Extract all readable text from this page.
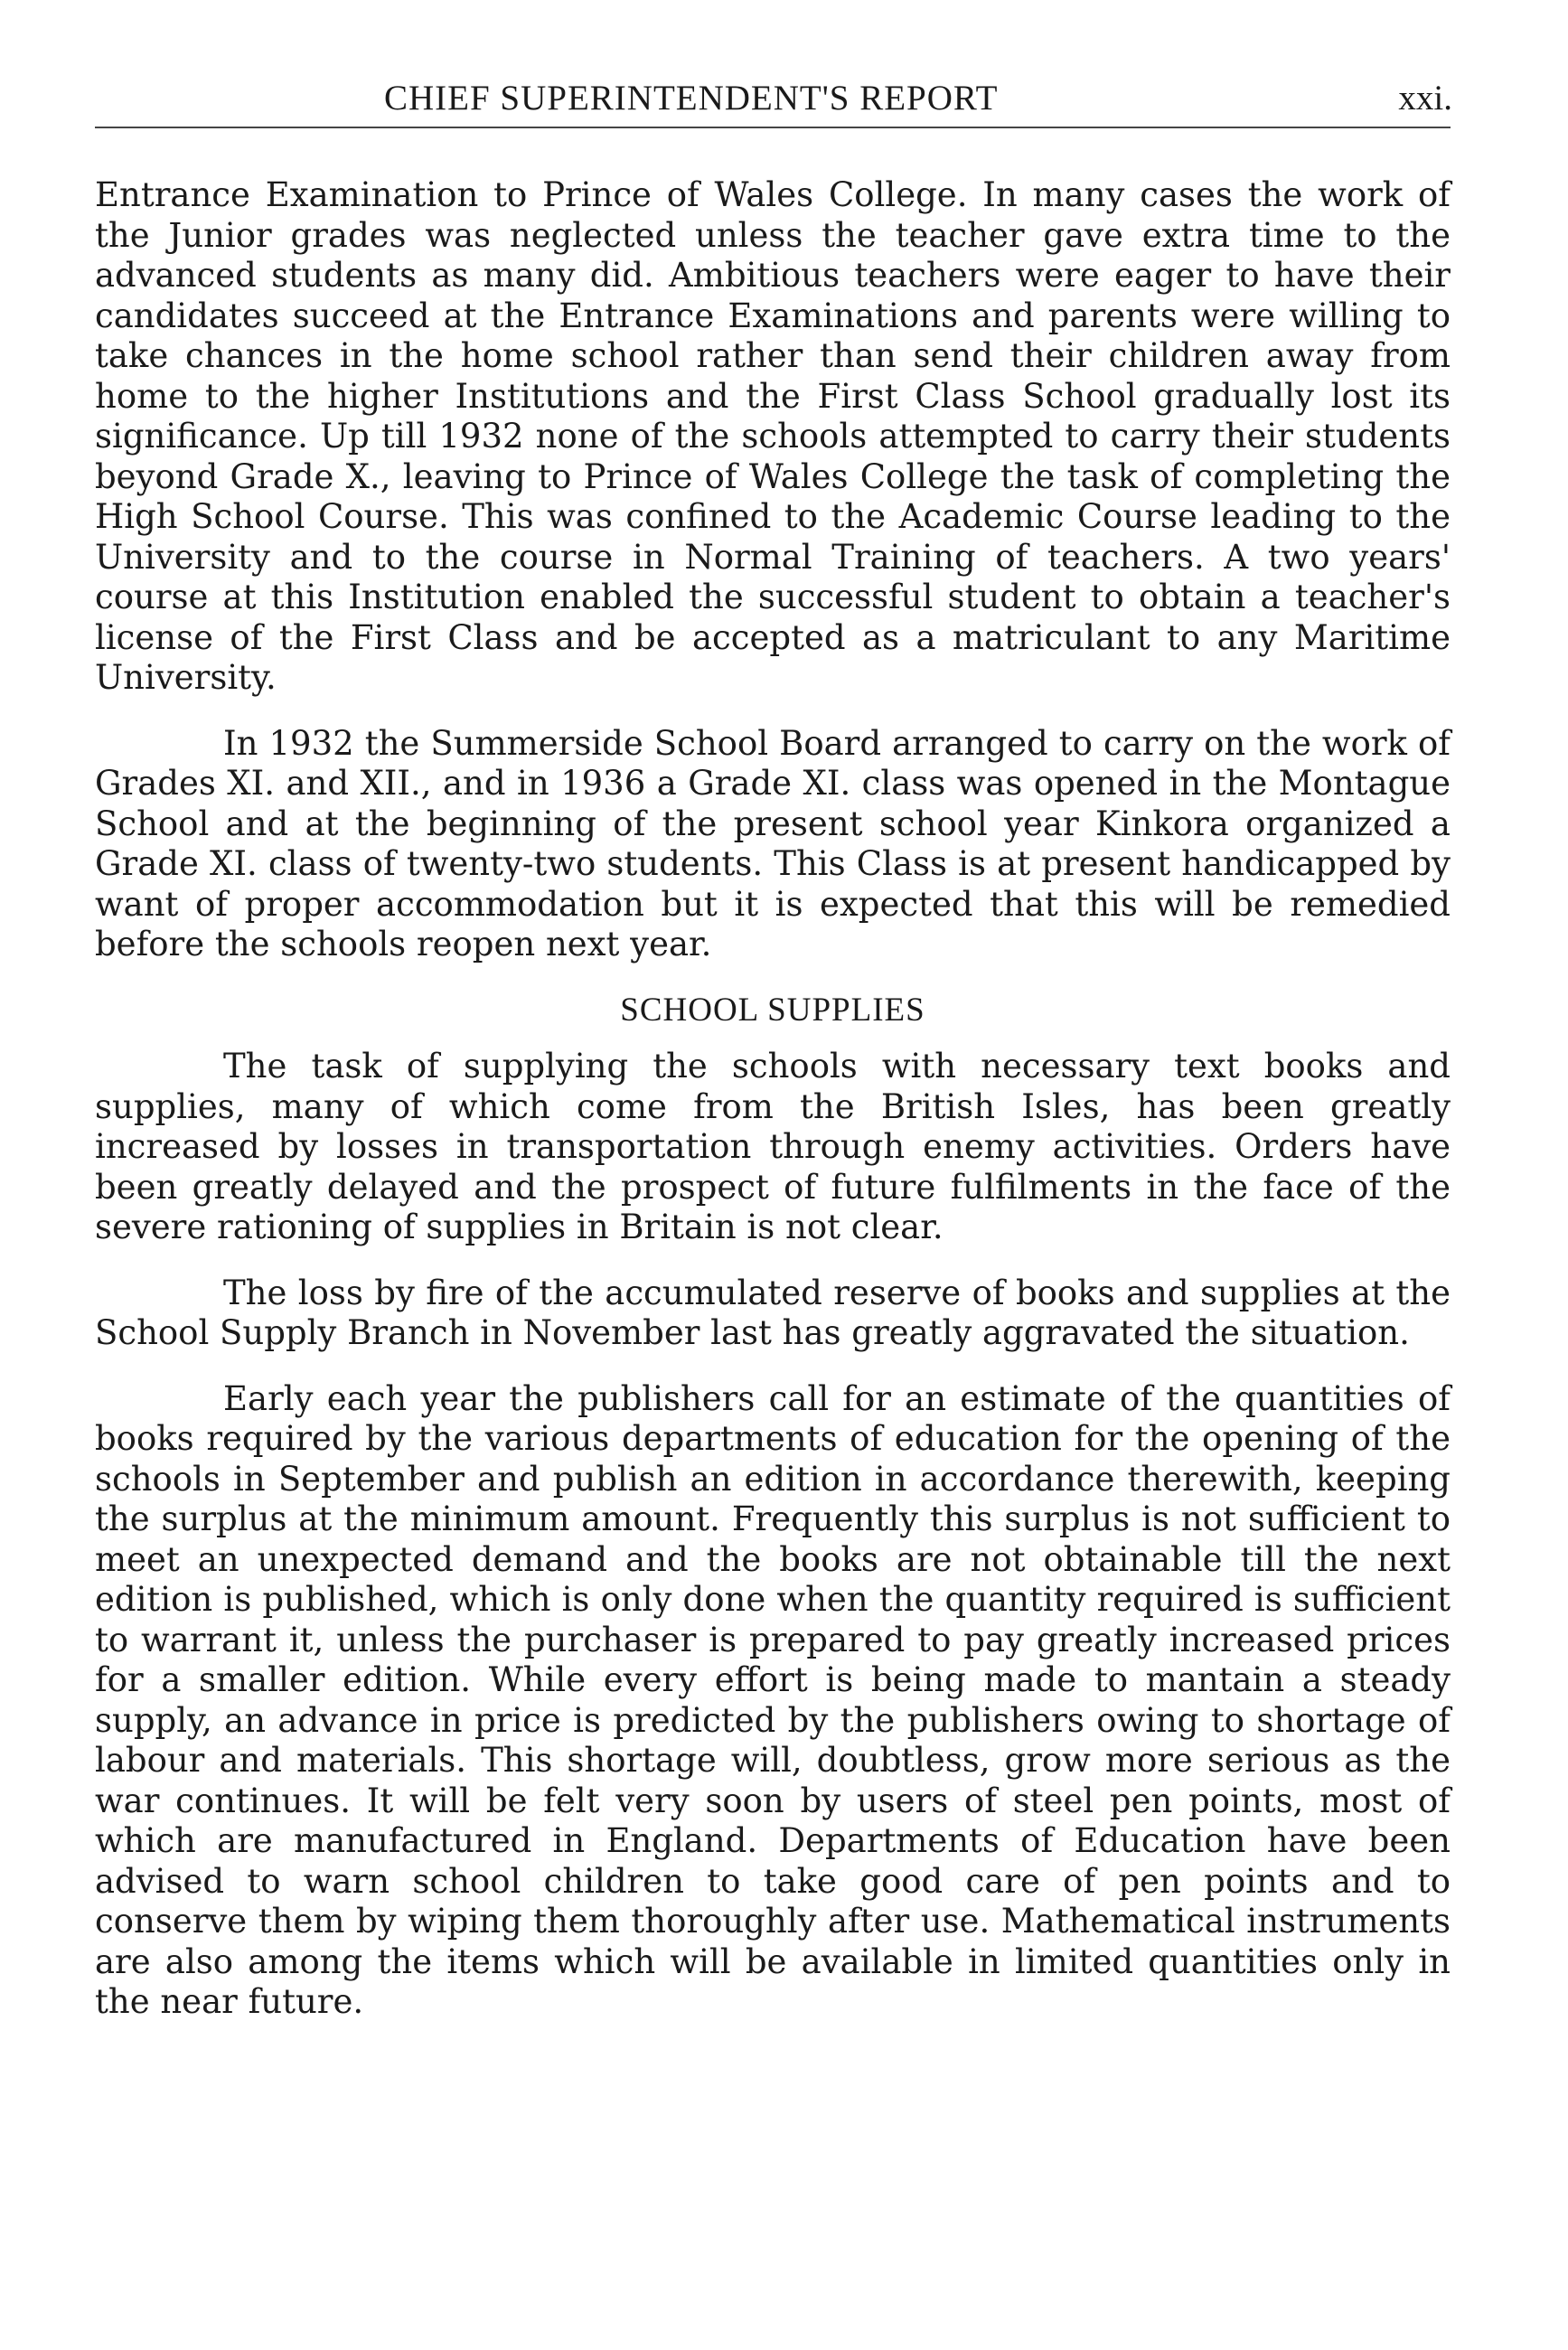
CHIEF SUPERINTENDENT'S REPORT	xxi.

Entrance Examination to Prince of Wales College. In many cases the work of the Junior grades was neglected unless the teacher gave extra time to the advanced students as many did. Ambitious teachers were eager to have their candidates succeed at the Entrance Examinations and parents were willing to take chances in the home school rather than send their children away from home to the higher Institutions and the First Class School gradually lost its significance. Up till 1932 none of the schools attempted to carry their students beyond Grade X., leaving to Prince of Wales College the task of completing the High School Course. This was confined to the Academic Course leading to the University and to the course in Normal Training of teachers. A two years' course at this Institution enabled the successful student to obtain a teacher's license of the First Class and be accepted as a matriculant to any Maritime University.

In 1932 the Summerside School Board arranged to carry on the work of Grades XI. and XII., and in 1936 a Grade XI. class was opened in the Montague School and at the beginning of the present school year Kinkora organized a Grade XI. class of twenty-two students. This Class is at present handicapped by want of proper accommodation but it is expected that this will be remedied before the schools reopen next year.

SCHOOL SUPPLIES

The task of supplying the schools with necessary text books and supplies, many of which come from the British Isles, has been greatly increased by losses in transportation through enemy activities. Orders have been greatly delayed and the prospect of future fulfilments in the face of the severe rationing of supplies in Britain is not clear.

The loss by fire of the accumulated reserve of books and supplies at the School Supply Branch in November last has greatly aggravated the situation.

Early each year the publishers call for an estimate of the quantities of books required by the various departments of education for the opening of the schools in September and publish an edition in accordance therewith, keeping the surplus at the minimum amount. Frequently this surplus is not sufficient to meet an unexpected demand and the books are not obtainable till the next edition is published, which is only done when the quantity required is sufficient to warrant it, unless the purchaser is prepared to pay greatly increased prices for a smaller edition. While every effort is being made to mantain a steady supply, an advance in price is predicted by the publishers owing to shortage of labour and materials. This shortage will, doubtless, grow more serious as the war continues. It will be felt very soon by users of steel pen points, most of which are manufactured in England. Departments of Education have been advised to warn school children to take good care of pen points and to conserve them by wiping them thoroughly after use. Mathematical instruments are also among the items which will be available in limited quantities only in the near future.
